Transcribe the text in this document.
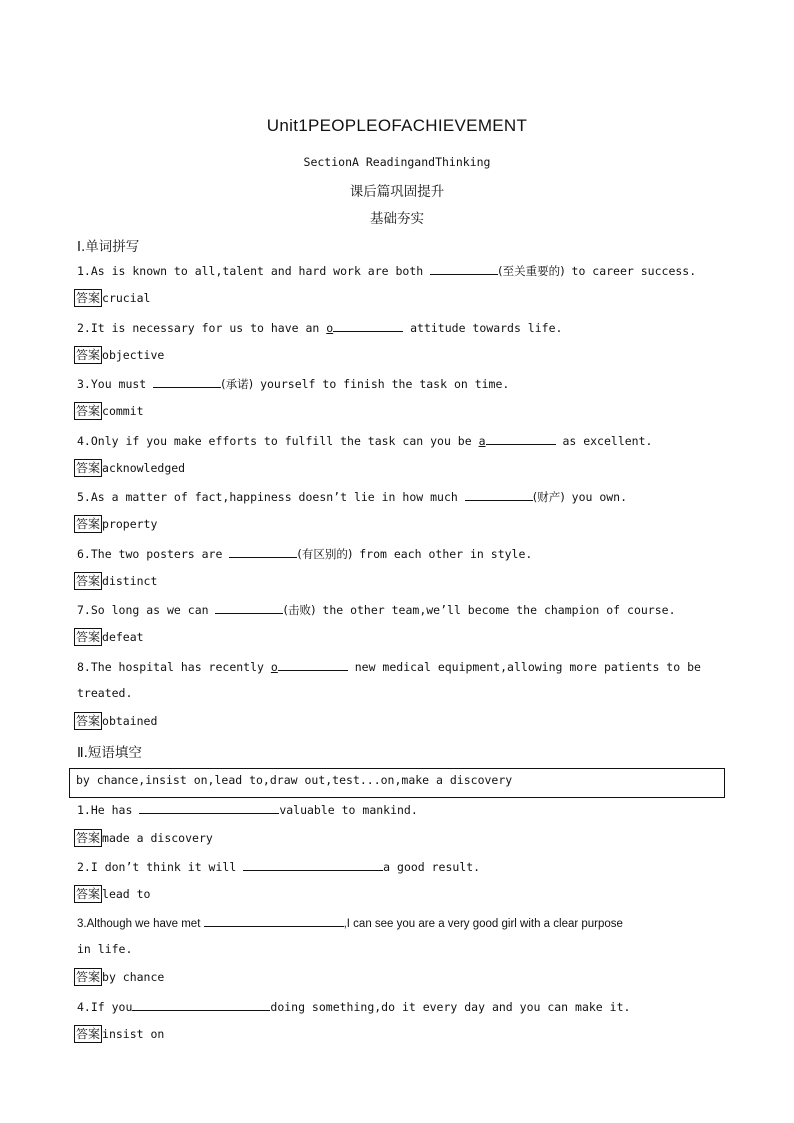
Unit1PEOPLEOFACHIEVEMENT
SectionA ReadingandThinking
课后篇巩固提升
基础夯实
Ⅰ.单词拼写
1.As is known to all,talent and hard work are both	(至关重要的) to career success.
答案 crucial
2.It is necessary for us to have an o	attitude towards life.
答案 objective
3.You must	(承诺) yourself to finish the task on time.
答案 commit
4.Only if you make efforts to fulfill the task can you be a	as excellent.
答案 acknowledged
5.As a matter of fact,happiness doesn’t lie in how much	(财产) you own.
答案 property
6.The two posters are	(有区别的) from each other in style.
答案 distinct
7.So long as we can	(击败) the other team,we’ll become the champion of course.
答案 defeat
8.The hospital has recently o	new medical equipment,allowing more patients to be
treated.
答案 obtained
Ⅱ.短语填空
by chance,insist on,lead to,draw out,test...on,make a discovery
1.He has	valuable to mankind.
答案 made a discovery
2.I don’t think it will	a good result.
答案 lead to
3.Although we have met	,I can see you are a very good girl with a clear purpose
in life.
答案 by chance
4.If you	doing something,do it every day and you can make it.
答案 insist on
